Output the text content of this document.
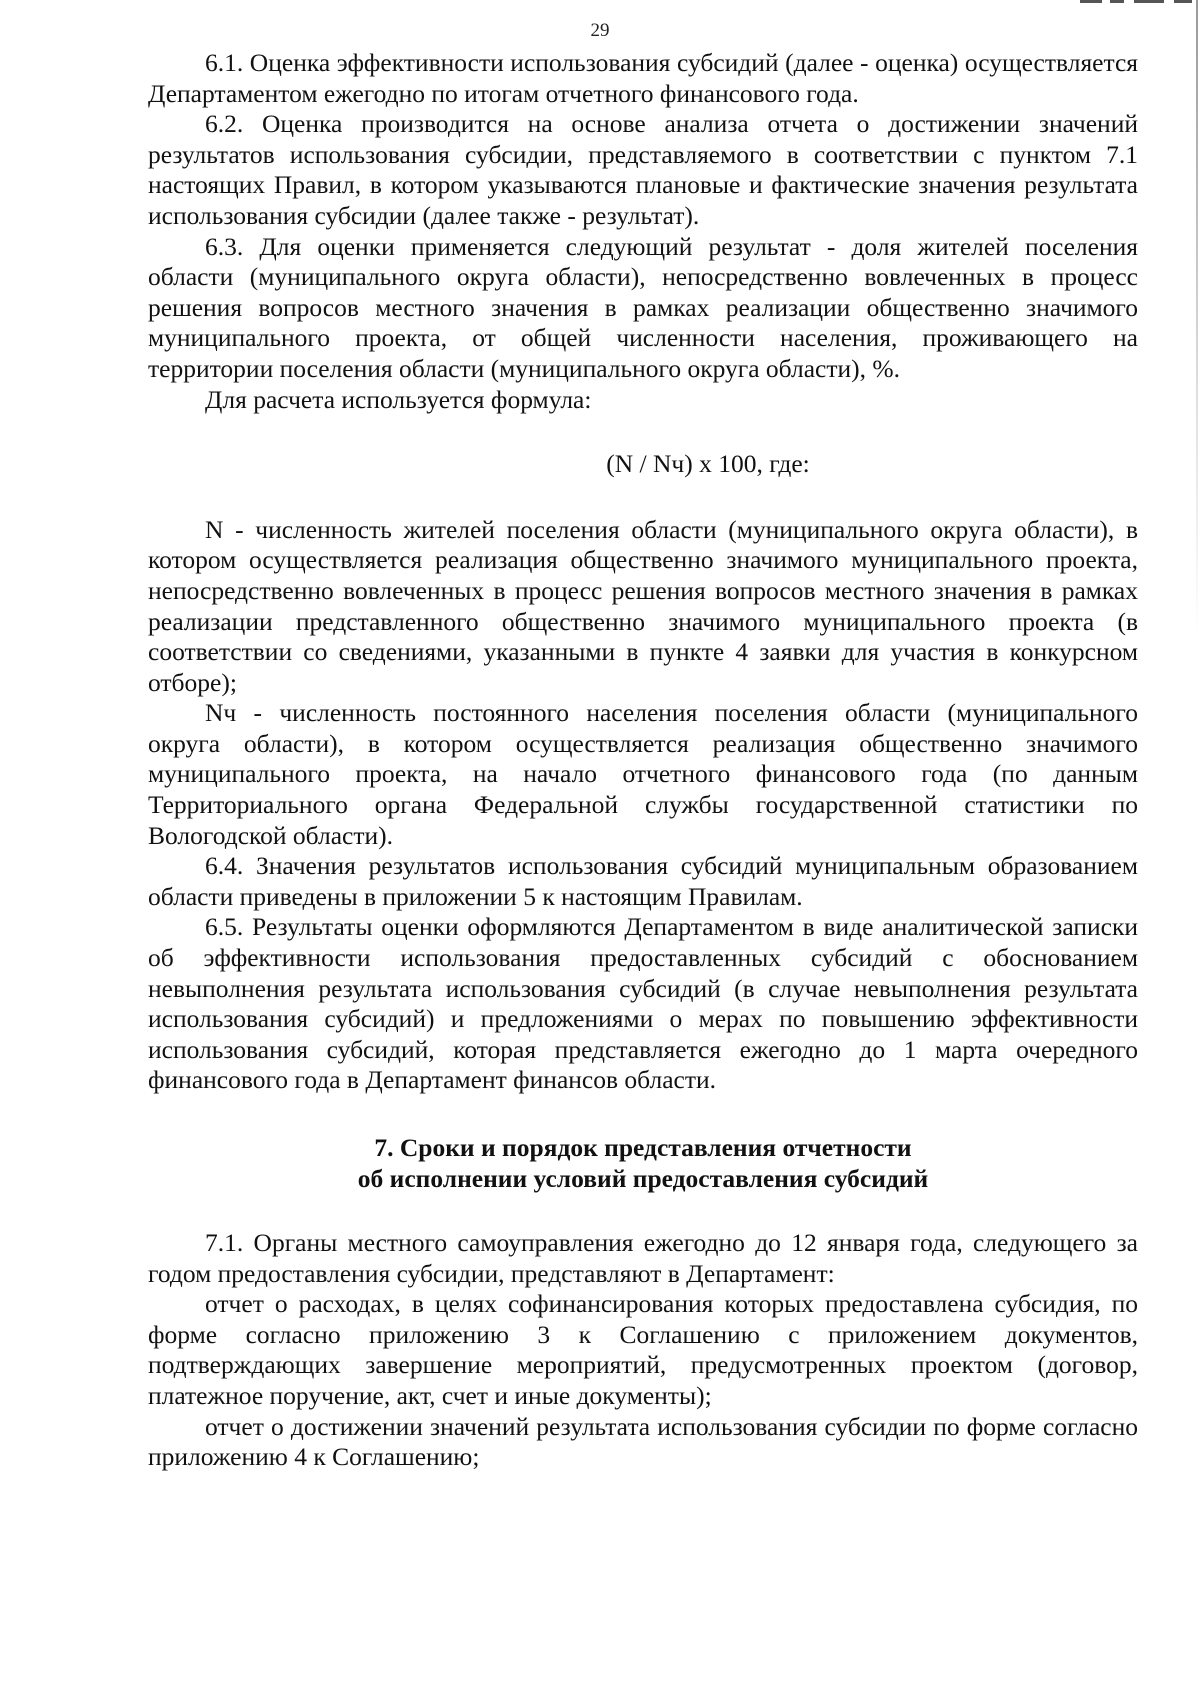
29

6.1. Оценка эффективности использования субсидий (далее - оценка) осуществляется Департаментом ежегодно по итогам отчетного финансового года.

6.2. Оценка производится на основе анализа отчета о достижении значений результатов использования субсидии, представляемого в соответствии с пунктом 7.1 настоящих Правил, в котором указываются плановые и фактические значения результата использования субсидии (далее также - результат).

6.3. Для оценки применяется следующий результат - доля жителей поселения области (муниципального округа области), непосредственно вовлеченных в процесс решения вопросов местного значения в рамках реализации общественно значимого муниципального проекта, от общей численности населения, проживающего на территории поселения области (муниципального округа области), %.

Для расчета используется формула:

(N / Nч) x 100, где:

N - численность жителей поселения области (муниципального округа области), в котором осуществляется реализация общественно значимого муниципального проекта, непосредственно вовлеченных в процесс решения вопросов местного значения в рамках реализации представленного общественно значимого муниципального проекта (в соответствии со сведениями, указанными в пункте 4 заявки для участия в конкурсном отборе);

Nч - численность постоянного населения поселения области (муниципального округа области), в котором осуществляется реализация общественно значимого муниципального проекта, на начало отчетного финансового года (по данным Территориального органа Федеральной службы государственной статистики по Вологодской области).

6.4. Значения результатов использования субсидий муниципальным образованием области приведены в приложении 5 к настоящим Правилам.

6.5. Результаты оценки оформляются Департаментом в виде аналитической записки об эффективности использования предоставленных субсидий с обоснованием невыполнения результата использования субсидий (в случае невыполнения результата использования субсидий) и предложениями о мерах по повышению эффективности использования субсидий, которая представляется ежегодно до 1 марта очередного финансового года в Департамент финансов области.

7. Сроки и порядок представления отчетности
об исполнении условий предоставления субсидий

7.1. Органы местного самоуправления ежегодно до 12 января года, следующего за годом предоставления субсидии, представляют в Департамент:

отчет о расходах, в целях софинансирования которых предоставлена субсидия, по форме согласно приложению 3 к Соглашению с приложением документов, подтверждающих завершение мероприятий, предусмотренных проектом (договор, платежное поручение, акт, счет и иные документы);

отчет о достижении значений результата использования субсидии по форме согласно приложению 4 к Соглашению;
